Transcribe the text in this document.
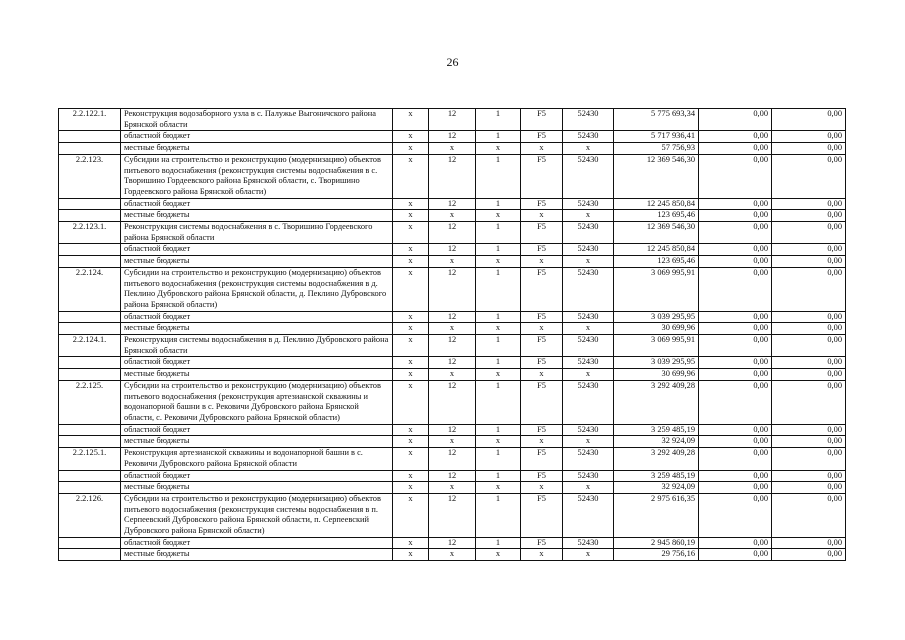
26
2.2.122.1.	Реконструкция водозаборного узла в с. Палужье Выгоничского района Брянской области	х	12	1	F5	52430	5 775 693,34	0,00	0,00
	областной бюджет	х	12	1	F5	52430	5 717 936,41	0,00	0,00
	местные бюджеты	х	х	х	х	х	57 756,93	0,00	0,00
2.2.123.	Субсидии на строительство и реконструкцию (модернизацию) объектов питьевого водоснабжения (реконструкция системы водоснабжения в с. Творишино Гордеевского района Брянской области, с. Творишино Гордеевского района Брянской области)	х	12	1	F5	52430	12 369 546,30	0,00	0,00
	областной бюджет	х	12	1	F5	52430	12 245 850,84	0,00	0,00
	местные бюджеты	х	х	х	х	х	123 695,46	0,00	0,00
2.2.123.1.	Реконструкция системы водоснабжения в с. Творишино Гордеевского района Брянской области	х	12	1	F5	52430	12 369 546,30	0,00	0,00
	областной бюджет	х	12	1	F5	52430	12 245 850,84	0,00	0,00
	местные бюджеты	х	х	х	х	х	123 695,46	0,00	0,00
2.2.124.	Субсидии на строительство и реконструкцию (модернизацию) объектов питьевого водоснабжения (реконструкция системы водоснабжения в д. Пеклино Дубровского района Брянской области, д. Пеклино Дубровского района Брянской области)	х	12	1	F5	52430	3 069 995,91	0,00	0,00
	областной бюджет	х	12	1	F5	52430	3 039 295,95	0,00	0,00
	местные бюджеты	х	х	х	х	х	30 699,96	0,00	0,00
2.2.124.1.	Реконструкция системы водоснабжения в д. Пеклино Дубровского района Брянской области	х	12	1	F5	52430	3 069 995,91	0,00	0,00
	областной бюджет	х	12	1	F5	52430	3 039 295,95	0,00	0,00
	местные бюджеты	х	х	х	х	х	30 699,96	0,00	0,00
2.2.125.	Субсидии на строительство и реконструкцию (модернизацию) объектов питьевого водоснабжения (реконструкция артезианской скважины и водонапорной башни в с. Рековичи Дубровского района Брянской области, с. Рековичи Дубровского района Брянской области)	х	12	1	F5	52430	3 292 409,28	0,00	0,00
	областной бюджет	х	12	1	F5	52430	3 259 485,19	0,00	0,00
	местные бюджеты	х	х	х	х	х	32 924,09	0,00	0,00
2.2.125.1.	Реконструкция артезианской скважины и водонапорной башни в с. Рековичи Дубровского района Брянской области	х	12	1	F5	52430	3 292 409,28	0,00	0,00
	областной бюджет	х	12	1	F5	52430	3 259 485,19	0,00	0,00
	местные бюджеты	х	х	х	х	х	32 924,09	0,00	0,00
2.2.126.	Субсидии на строительство и реконструкцию (модернизацию) объектов питьевого водоснабжения (реконструкция системы водоснабжения в п. Серпеевский Дубровского района Брянской области, п. Серпеевский Дубровского района Брянской области)	х	12	1	F5	52430	2 975 616,35	0,00	0,00
	областной бюджет	х	12	1	F5	52430	2 945 860,19	0,00	0,00
	местные бюджеты	х	х	х	х	х	29 756,16	0,00	0,00
